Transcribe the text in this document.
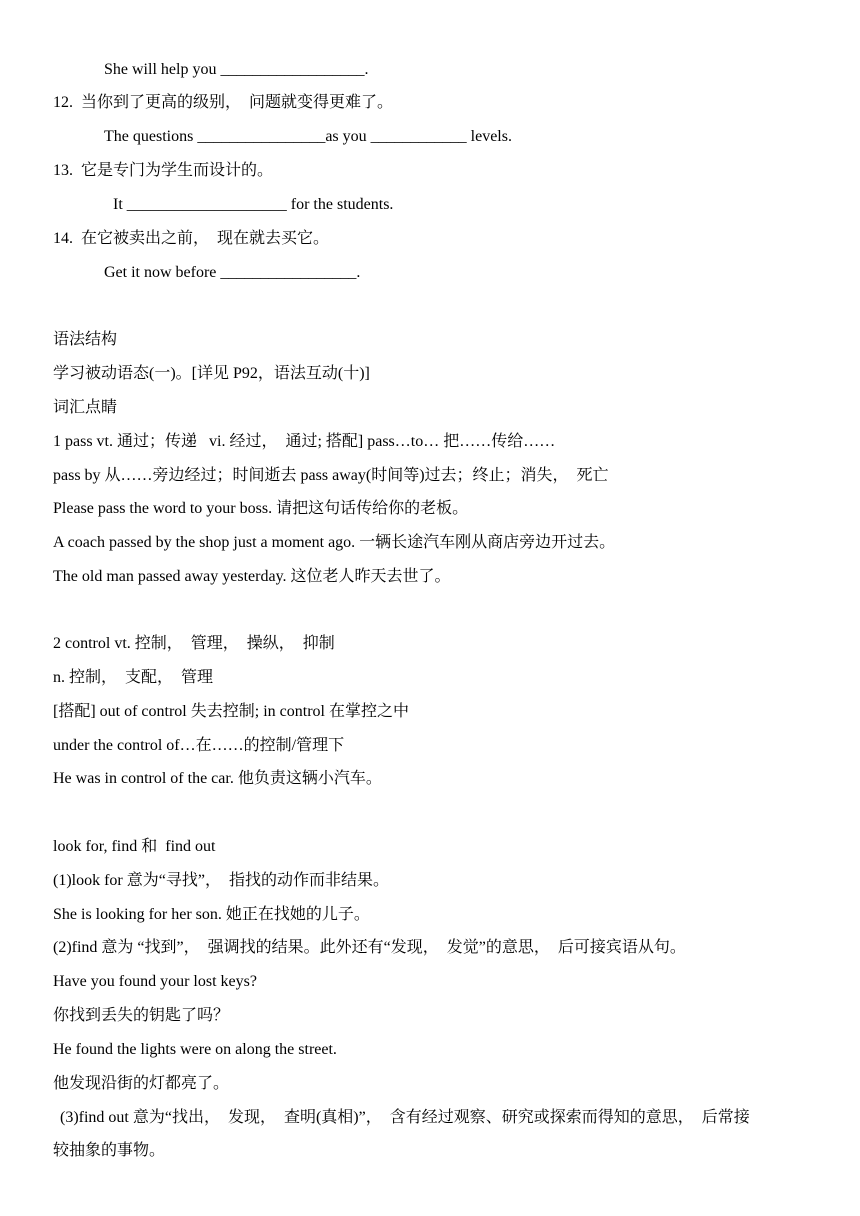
She will help you __________________.
12. 当你到了更高的级别，  问题就变得更难了。
The questions ________________as you ____________ levels.
13. 它是专门为学生而设计的。
It ____________________ for the students.
14. 在它被卖出之前，  现在就去买它。
Get it now before _________________.
语法结构
学习被动语态(一)。[详见 P92，语法互动(十)]
词汇点睛
1 pass vt. 通过；传递   vi. 经过，  通过; 搭配] pass…to… 把……传给……
pass by 从……旁边经过；时间逝去 pass away(时间等)过去；终止；消失，  死亡
Please pass the word to your boss. 请把这句话传给你的老板。
A coach passed by the shop just a moment ago. 一辆长途汽车刚从商店旁边开过去。
The old man passed away yesterday. 这位老人昨天去世了。
2 control vt. 控制，  管理，  操纵，  抑制
n. 控制，  支配，  管理
[搭配] out of control 失去控制; in control 在掌控之中
under the control of…在……的控制/管理下
He was in control of the car. 他负责这辆小汽车。
look for, find 和  find out
(1)look for 意为“寻找”，  指找的动作而非结果。
She is looking for her son. 她正在找她的儿子。
(2)find 意为 “找到”，  强调找的结果。此外还有“发现，  发觉”的意思，  后可接宾语从句。
Have you found your lost keys?
你找到丢失的钥匙了吗？
He found the lights were on along the street.
他发现沿街的灯都亮了。
(3)find out 意为“找出，  发现，  查明(真相)”，  含有经过观察、研究或探索而得知的意思，  后常接
较抽象的事物。
